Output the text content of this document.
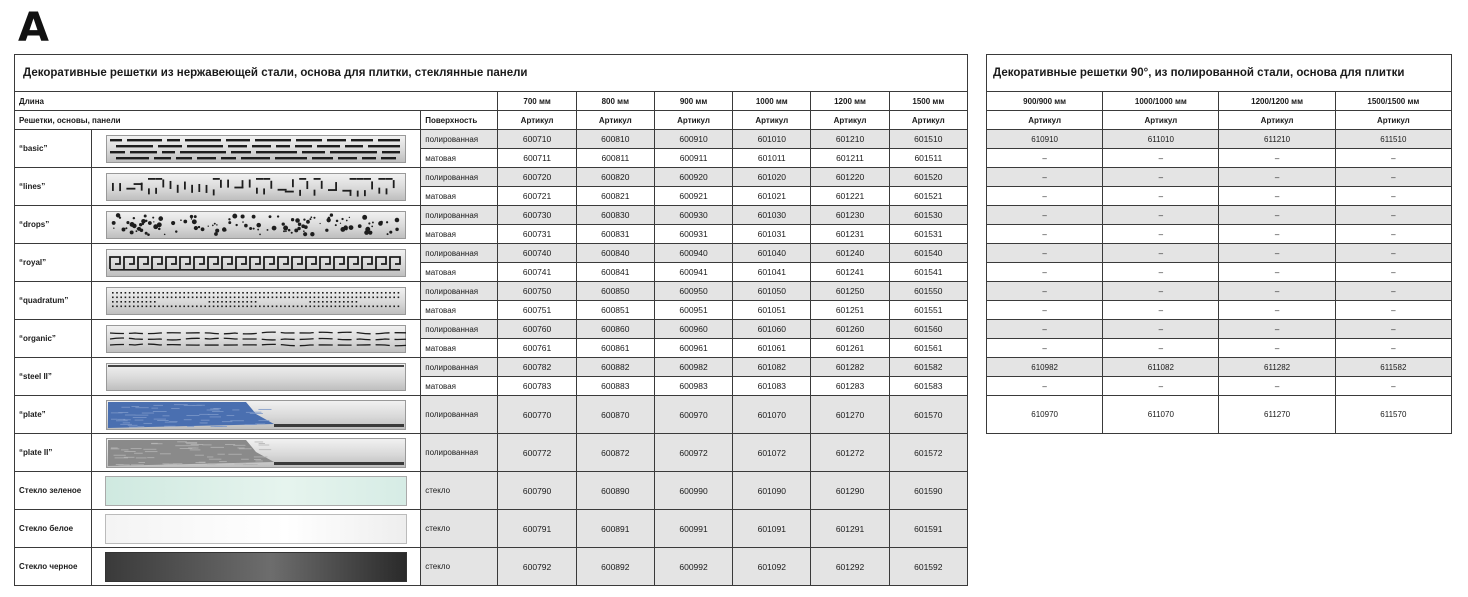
A
Декоративные решетки из нержавеющей стали, основа для плитки, стеклянные панели								
Длина			700 мм	800 мм	900 мм	1000 мм	1200 мм	1500 мм
Решетки, основы, панели		Поверхность	Артикул	Артикул	Артикул	Артикул	Артикул	Артикул
“basic”		полированная	600710	600810	600910	601010	601210	601510
		матовая	600711	600811	600911	601011	601211	601511
“lines”		полированная	600720	600820	600920	601020	601220	601520
		матовая	600721	600821	600921	601021	601221	601521
“drops”		полированная	600730	600830	600930	601030	601230	601530
		матовая	600731	600831	600931	601031	601231	601531
“royal”		полированная	600740	600840	600940	601040	601240	601540
		матовая	600741	600841	600941	601041	601241	601541
“quadratum”		полированная	600750	600850	600950	601050	601250	601550
		матовая	600751	600851	600951	601051	601251	601551
“organic”		полированная	600760	600860	600960	601060	601260	601560
		матовая	600761	600861	600961	601061	601261	601561
“steel II”		полированная	600782	600882	600982	601082	601282	601582
		матовая	600783	600883	600983	601083	601283	601583
“plate”		полированная	600770	600870	600970	601070	601270	601570
“plate II”		полированная	600772	600872	600972	601072	601272	601572
Стекло зеленое		стекло	600790	600890	600990	601090	601290	601590
Стекло белое		стекло	600791	600891	600991	601091	601291	601591
Стекло черное		стекло	600792	600892	600992	601092	601292	601592
Декоративные решетки 90°, из полированной стали, основа для плитки			
900/900 мм	1000/1000 мм	1200/1200 мм	1500/1500 мм
Артикул	Артикул	Артикул	Артикул
610910	611010	611210	611510
–	–	–	–
–	–	–	–
–	–	–	–
–	–	–	–
–	–	–	–
–	–	–	–
–	–	–	–
–	–	–	–
–	–	–	–
–	–	–	–
–	–	–	–
610982	611082	611282	611582
–	–	–	–
610970	611070	611270	611570
